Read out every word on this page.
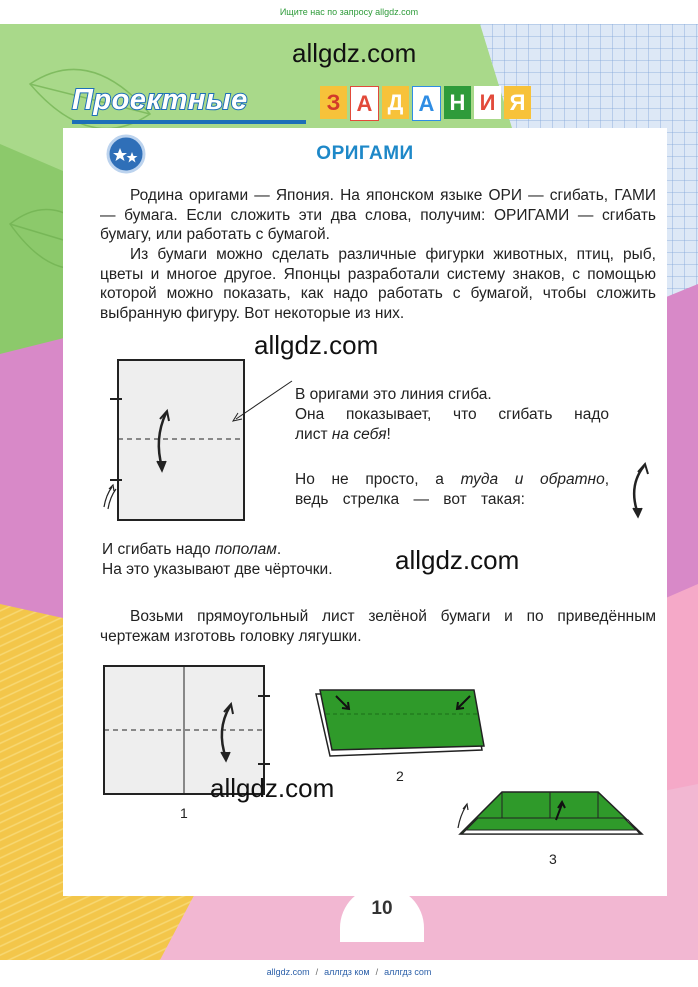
Ищите нас по запросу allgdz.com
Проектные	З А Д А Н И Я
allgdz.com
ОРИГАМИ
Родина оригами — Япония. На японском языке ОРИ — сгибать, ГАМИ — бумага. Если сложить эти два слова, получим: ОРИГАМИ — сгибать бумагу, или работать с бумагой.
Из бумаги можно сделать различные фигурки животных, птиц, рыб, цветы и многое другое. Японцы разработали систему знаков, с помощью которой можно показать, как надо работать с бумагой, чтобы сложить выбранную фигуру. Вот некоторые из них.
allgdz.com
В оригами это линия сгиба.
Она показывает, что сгибать надо
лист на себя!
Но не просто, а туда и обратно,
ведь стрелка — вот такая:
И сгибать надо пополам.
На это указывают две чёрточки. allgdz.com
Возьми прямоугольный лист зелёной бумаги и по приведённым чертежам изготовь головку лягушки.
1
2
3
allgdz.com
10
allgdz.com / аллгдз ком / аллгдз com
